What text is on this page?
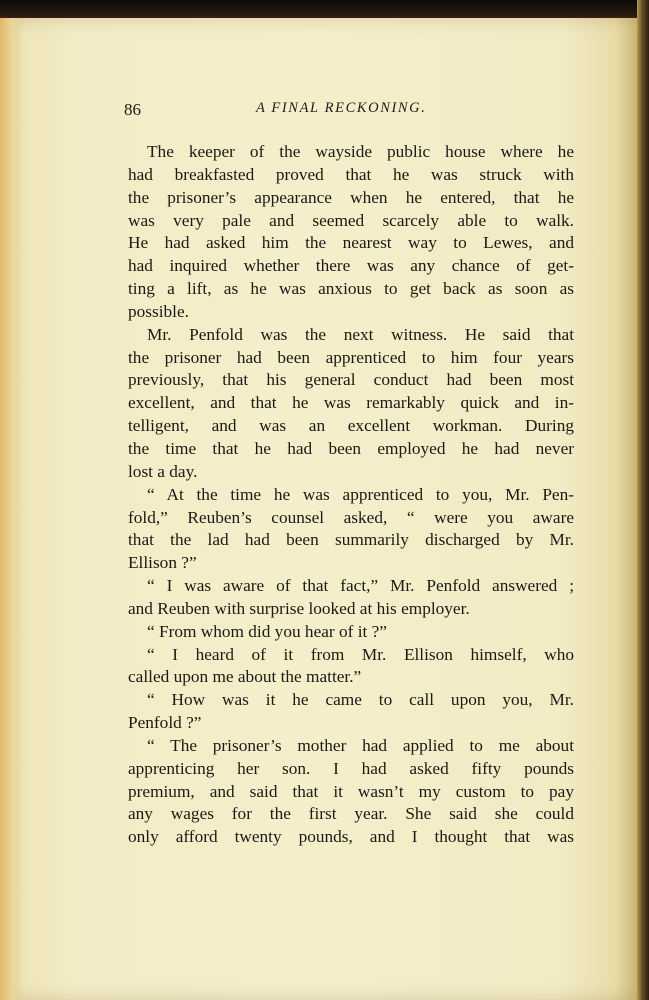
86	A FINAL RECKONING.
The keeper of the wayside public house where he
had breakfasted proved that he was struck with
the prisoner’s appearance when he entered, that he
was very pale and seemed scarcely able to walk.
He had asked him the nearest way to Lewes, and
had inquired whether there was any chance of get-
ting a lift, as he was anxious to get back as soon as
possible.
Mr. Penfold was the next witness. He said that
the prisoner had been apprenticed to him four years
previously, that his general conduct had been most
excellent, and that he was remarkably quick and in-
telligent, and was an excellent workman. During
the time that he had been employed he had never
lost a day.
“ At the time he was apprenticed to you, Mr. Pen-
fold,” Reuben’s counsel asked, “ were you aware
that the lad had been summarily discharged by Mr.
Ellison ?”
“ I was aware of that fact,” Mr. Penfold answered ;
and Reuben with surprise looked at his employer.
“ From whom did you hear of it ?”
“ I heard of it from Mr. Ellison himself, who
called upon me about the matter.”
“ How was it he came to call upon you, Mr.
Penfold ?”
“ The prisoner’s mother had applied to me about
apprenticing her son. I had asked fifty pounds
premium, and said that it wasn’t my custom to pay
any wages for the first year. She said she could
only afford twenty pounds, and I thought that was
